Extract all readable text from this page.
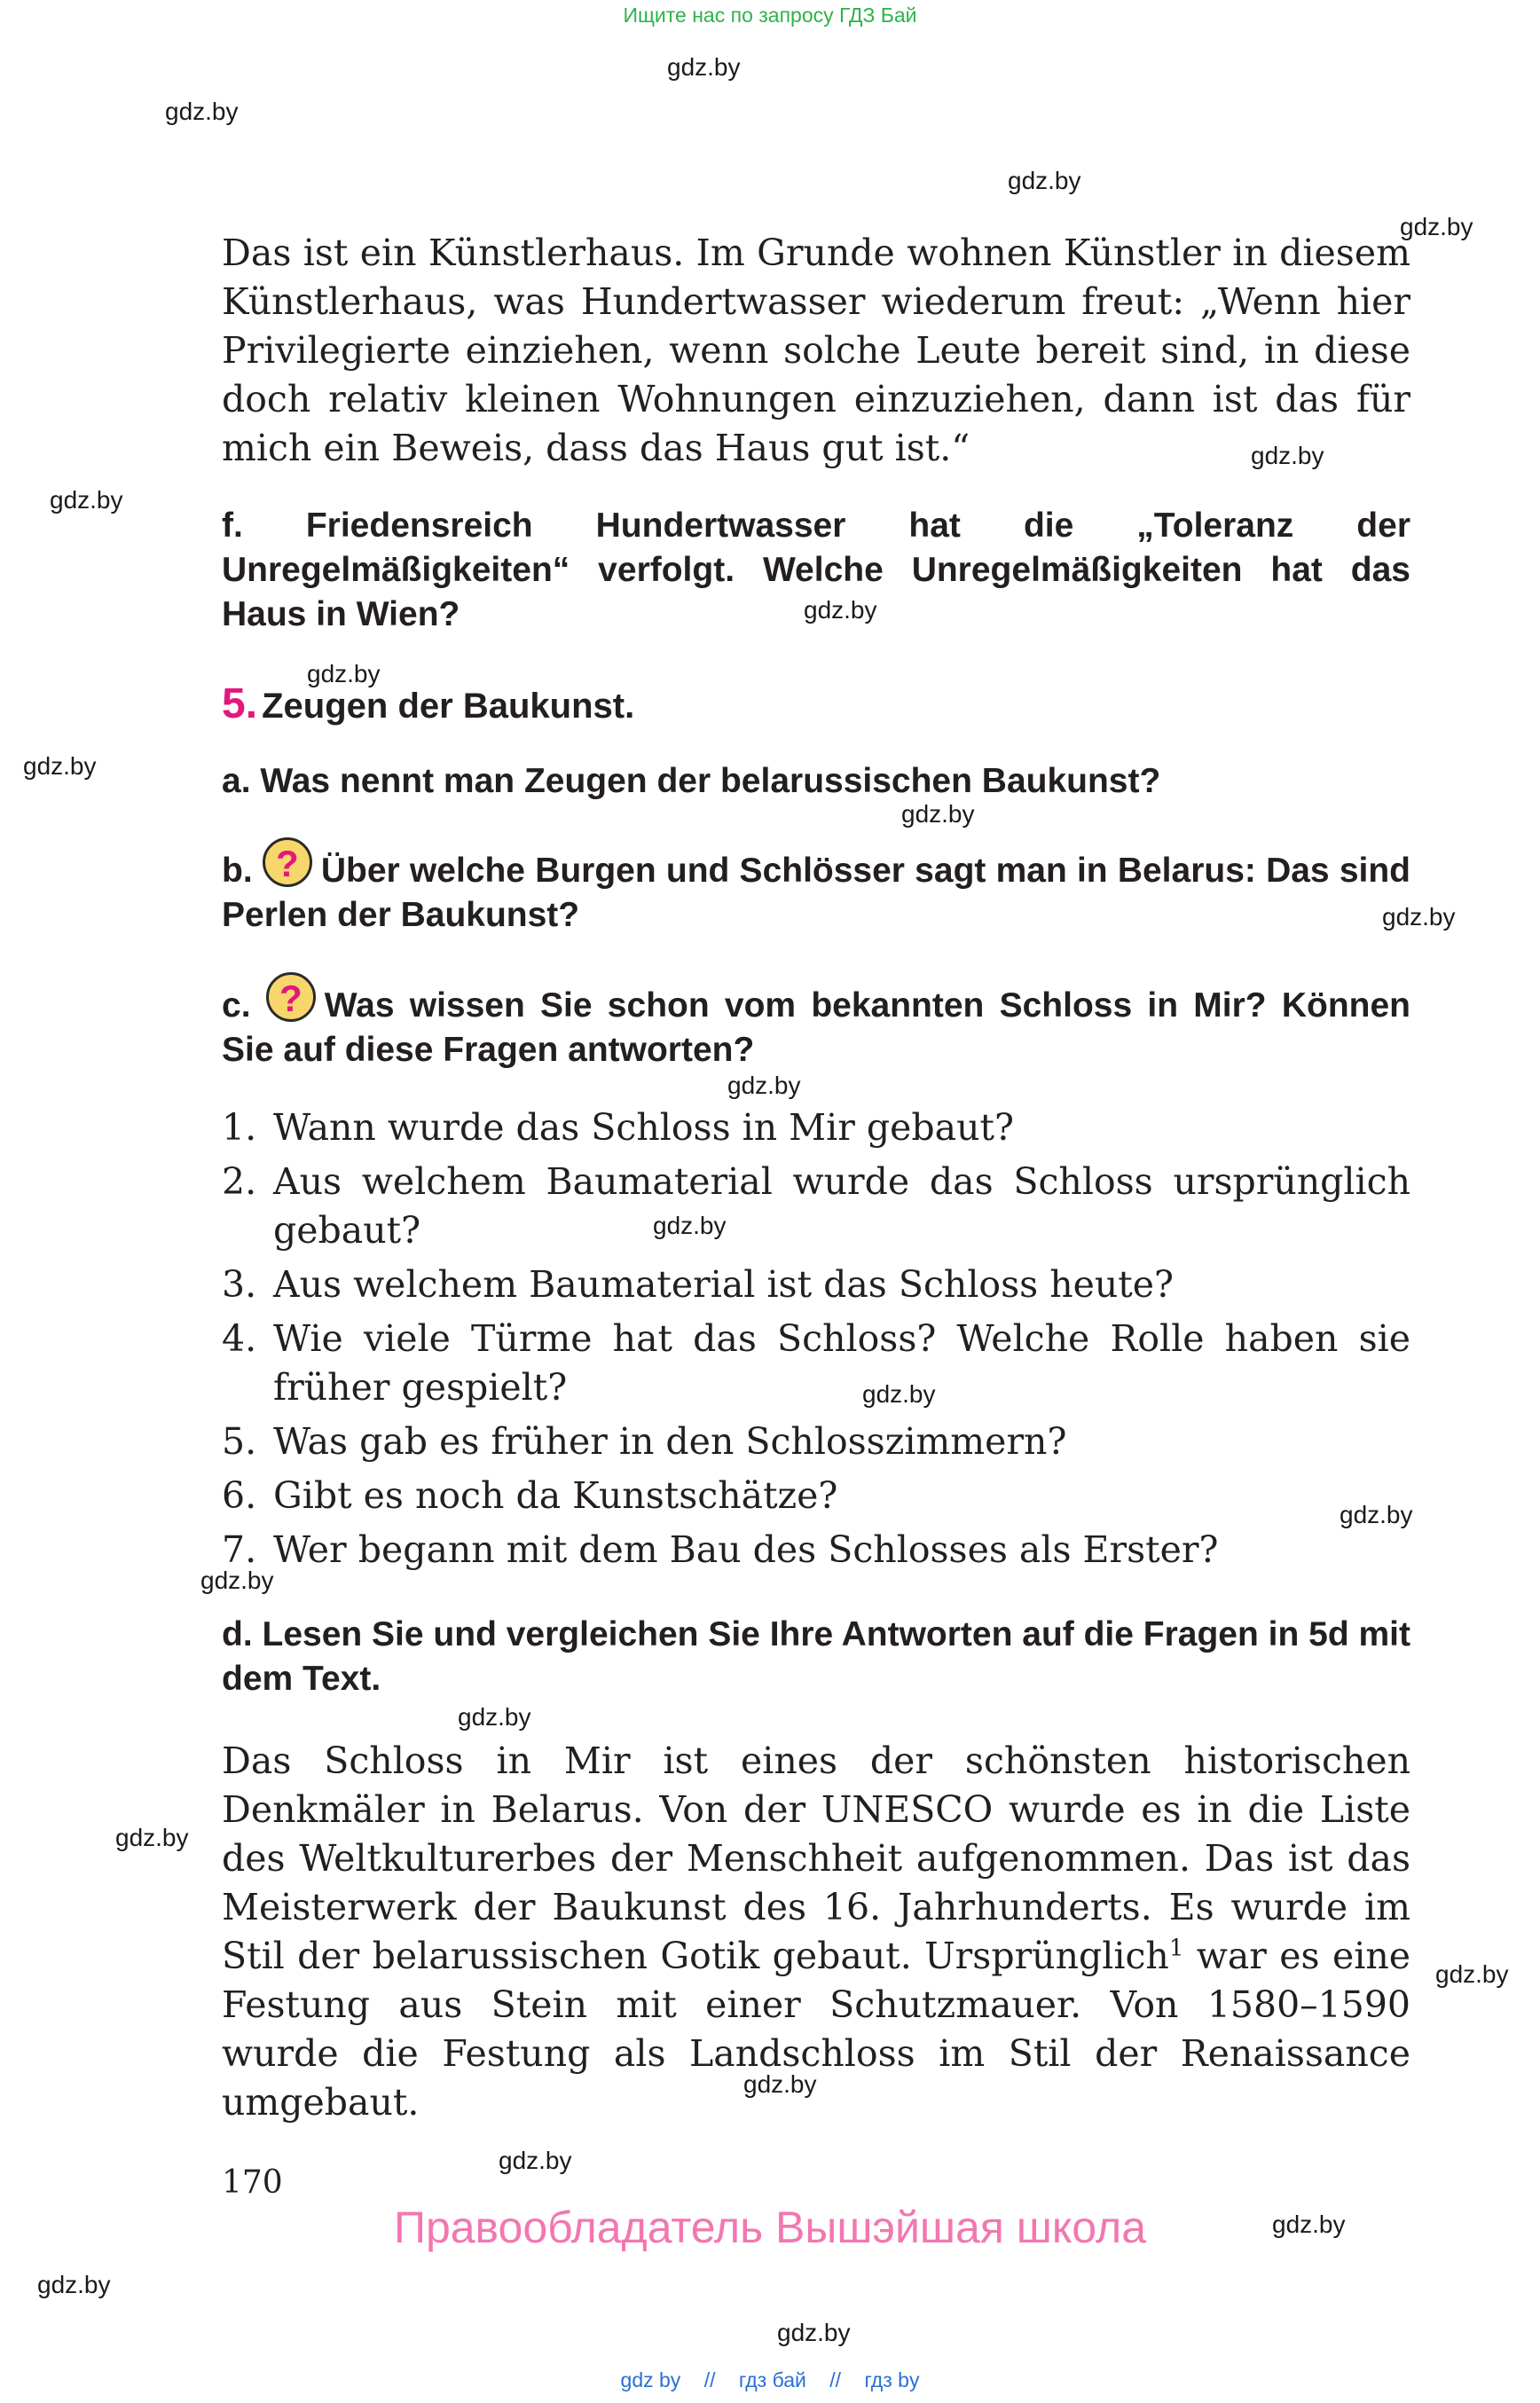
Ищите нас по запросу ГДЗ Бай
gdz.by
gdz.by
gdz.by
gdz.by
gdz.by
gdz.by
gdz.by
gdz.by
gdz.by
gdz.by
gdz.by
gdz.by
gdz.by
gdz.by
gdz.by
gdz.by
gdz.by
gdz.by
gdz.by
gdz.by
gdz.by
gdz.by
gdz.by
gdz.by
Das ist ein Künstlerhaus. Im Grunde wohnen Künstler in diesem Künstlerhaus, was Hundertwasser wiederum freut: „Wenn hier Privilegierte einziehen, wenn solche Leute bereit sind, in diese doch relativ kleinen Wohnungen einzuziehen, dann ist das für mich ein Beweis, dass das Haus gut ist.“
f. Friedensreich Hundertwasser hat die „Toleranz der Unregelmäßigkeiten“ verfolgt. Welche Unregelmäßigkeiten hat das Haus in Wien?
5. Zeugen der Baukunst.
a. Was nennt man Zeugen der belarussischen Baukunst?
b. ? Über welche Burgen und Schlösser sagt man in Belarus: Das sind Perlen der Baukunst?
c. ? Was wissen Sie schon vom bekannten Schloss in Mir? Können Sie auf diese Fragen antworten?
1. Wann wurde das Schloss in Mir gebaut?
2. Aus welchem Baumaterial wurde das Schloss ursprünglich gebaut?
3. Aus welchem Baumaterial ist das Schloss heute?
4. Wie viele Türme hat das Schloss? Welche Rolle haben sie früher gespielt?
5. Was gab es früher in den Schlosszimmern?
6. Gibt es noch da Kunstschätze?
7. Wer begann mit dem Bau des Schlosses als Erster?
d. Lesen Sie und vergleichen Sie Ihre Antworten auf die Fragen in 5d mit dem Text.
Das Schloss in Mir ist eines der schönsten historischen Denkmäler in Belarus. Von der UNESCO wurde es in die Liste des Weltkulturerbes der Menschheit aufgenommen. Das ist das Meisterwerk der Baukunst des 16. Jahrhunderts. Es wurde im Stil der belarussischen Gotik gebaut. Ursprünglich$^1$ war es eine Festung aus Stein mit einer Schutzmauer. Von 1580–1590 wurde die Festung als Landschloss im Stil der Renaissance umgebaut.
170
Правообладатель Вышэйшая школа
gdz by // гдз бай // гдз by
